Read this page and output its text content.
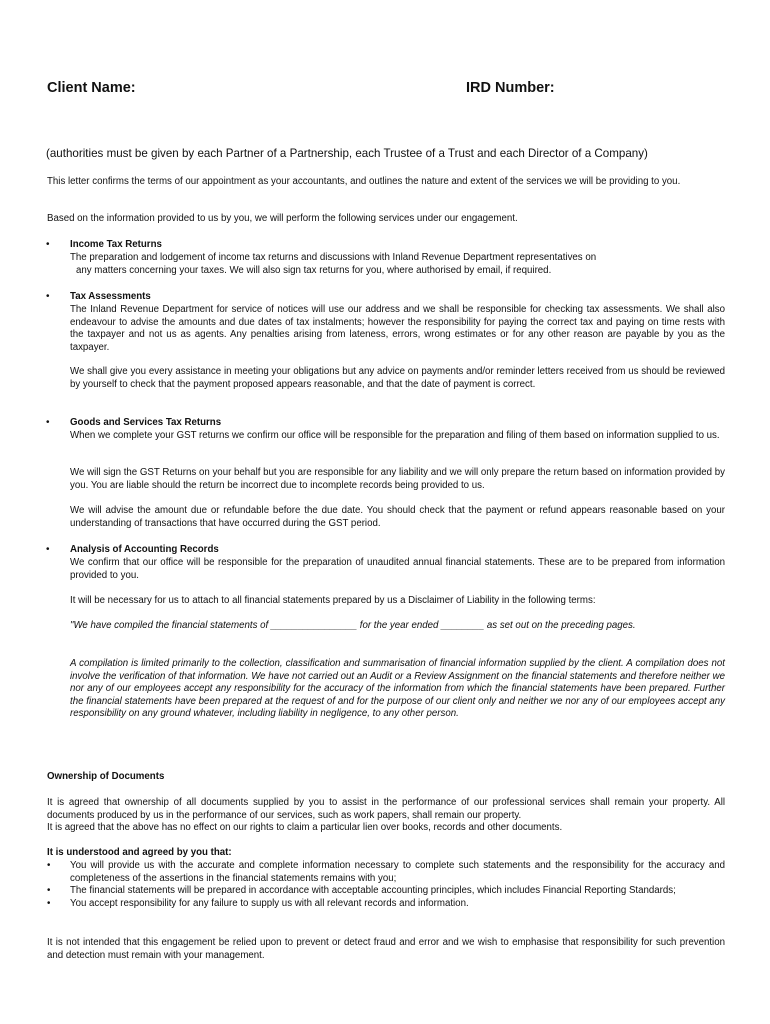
Client Name:	IRD Number:
(authorities must be given by each Partner of a Partnership, each Trustee of a Trust and each Director of a Company)
This letter confirms the terms of our appointment as your accountants, and outlines the nature and extent of the services we will be providing to you.
Based on the information provided to us by you, we will perform the following services under our engagement.
• Income Tax Returns
The preparation and lodgement of income tax returns and discussions with Inland Revenue Department representatives on
any matters concerning your taxes. We will also sign tax returns for you, where authorised by email, if required.
• Tax Assessments
The Inland Revenue Department for service of notices will use our address and we shall be responsible for checking tax assessments. We shall also endeavour to advise the amounts and due dates of tax instalments; however the responsibility for paying the correct tax and paying on time rests with the taxpayer and not us as agents. Any penalties arising from lateness, errors, wrong estimates or for any other reason are payable by you as the taxpayer.
We shall give you every assistance in meeting your obligations but any advice on payments and/or reminder letters received from us should be reviewed by yourself to check that the payment proposed appears reasonable, and that the date of payment is correct.
• Goods and Services Tax Returns
When we complete your GST returns we confirm our office will be responsible for the preparation and filing of them based on information supplied to us.
We will sign the GST Returns on your behalf but you are responsible for any liability and we will only prepare the return based on information provided by you. You are liable should the return be incorrect due to incomplete records being provided to us.
We will advise the amount due or refundable before the due date. You should check that the payment or refund appears reasonable based on your understanding of transactions that have occurred during the GST period.
• Analysis of Accounting Records
We confirm that our office will be responsible for the preparation of unaudited annual financial statements. These are to be prepared from information provided to you.
It will be necessary for us to attach to all financial statements prepared by us a Disclaimer of Liability in the following terms:
"We have compiled the financial statements of ________________ for the year ended ________ as set out on the preceding pages.
A compilation is limited primarily to the collection, classification and summarisation of financial information supplied by the client. A compilation does not involve the verification of that information. We have not carried out an Audit or a Review Assignment on the financial statements and therefore neither we nor any of our employees accept any responsibility for the accuracy of the information from which the financial statements have been prepared. Further the financial statements have been prepared at the request of and for the purpose of our client only and neither we nor any of our employees accept any responsibility on any ground whatever, including liability in negligence, to any other person.
Ownership of Documents
It is agreed that ownership of all documents supplied by you to assist in the performance of our professional services shall remain your property. All documents produced by us in the performance of our services, such as work papers, shall remain our property.
It is agreed that the above has no effect on our rights to claim a particular lien over books, records and other documents.
It is understood and agreed by you that:
• You will provide us with the accurate and complete information necessary to complete such statements and the responsibility for the accuracy and completeness of the assertions in the financial statements remains with you;
• The financial statements will be prepared in accordance with acceptable accounting principles, which includes Financial Reporting Standards;
• You accept responsibility for any failure to supply us with all relevant records and information.
It is not intended that this engagement be relied upon to prevent or detect fraud and error and we wish to emphasise that responsibility for such prevention and detection must remain with your management.
